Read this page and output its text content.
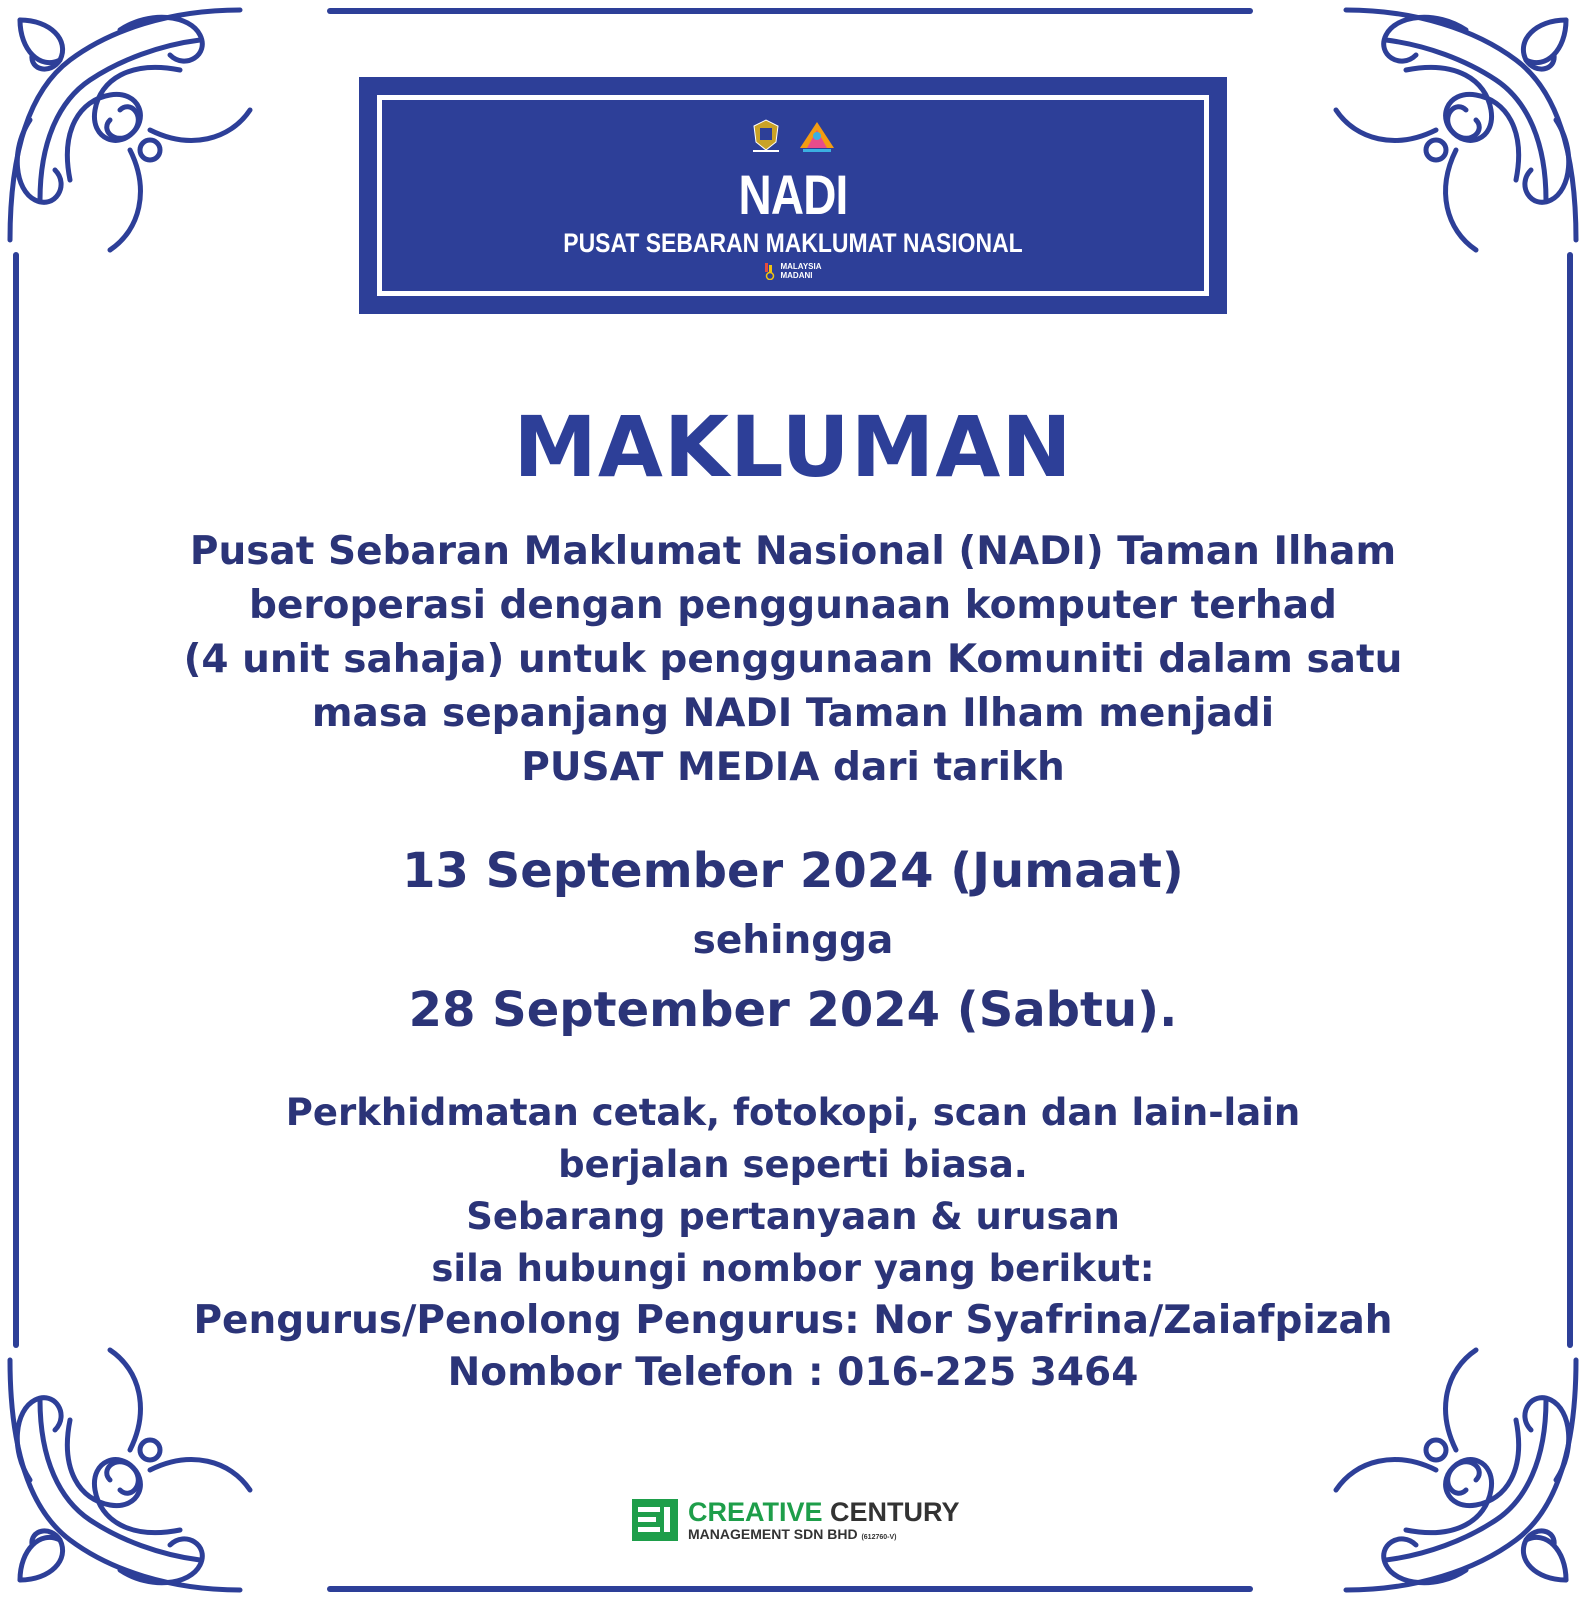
NADI
PUSAT SEBARAN MAKLUMAT NASIONAL
MALAYSIA
MADANI
MAKLUMAN
Pusat Sebaran Maklumat Nasional (NADI) Taman Ilham
beroperasi dengan penggunaan komputer terhad
(4 unit sahaja) untuk penggunaan Komuniti dalam satu
masa sepanjang NADI Taman Ilham menjadi
PUSAT MEDIA dari tarikh
13 September 2024 (Jumaat)
sehingga
28 September 2024 (Sabtu).
Perkhidmatan cetak, fotokopi, scan dan lain-lain
berjalan seperti biasa.
Sebarang pertanyaan & urusan
sila hubungi nombor yang berikut:
Pengurus/Penolong Pengurus: Nor Syafrina/Zaiafpizah
Nombor Telefon : 016-225 3464
CREATIVE CENTURY
MANAGEMENT SDN BHD (612760-V)
